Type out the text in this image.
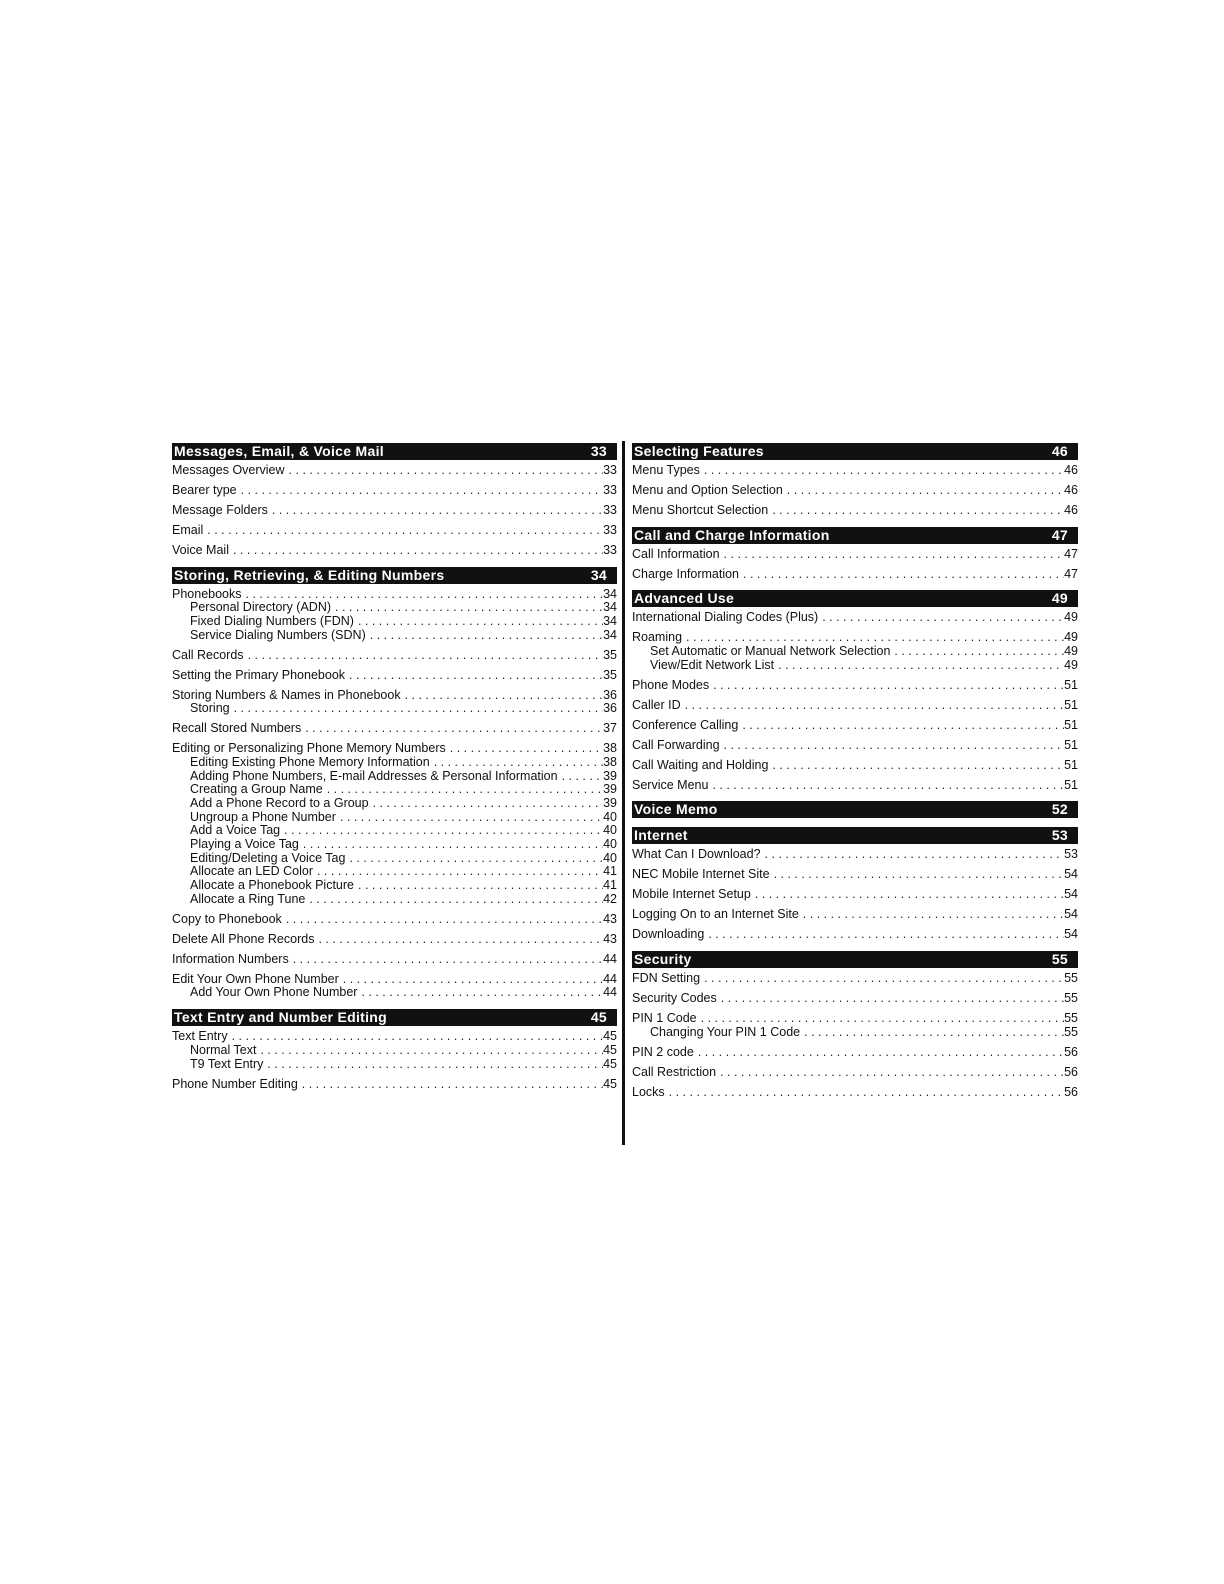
Messages, Email, & Voice Mail	33
Messages Overview . . .	33
Bearer type . . .	33
Message Folders . . .	33
Email . . .	33
Voice Mail . . .	33
Storing, Retrieving, & Editing Numbers	34
Phonebooks . . .	34
Personal Directory (ADN) . . .	34
Fixed Dialing Numbers (FDN) . . .	34
Service Dialing Numbers (SDN) . . .	34
Call Records . . .	35
Setting the Primary Phonebook . . .	35
Storing Numbers & Names in Phonebook . . .	36
Storing . . .	36
Recall Stored Numbers . . .	37
Editing or Personalizing Phone Memory Numbers . . .	38
Editing Existing Phone Memory Information . . .	38
Adding Phone Numbers, E-mail Addresses & Personal Information . . .	39
Creating a Group Name . . .	39
Add a Phone Record to a Group . . .	39
Ungroup a Phone Number . . .	40
Add a Voice Tag . . .	40
Playing a Voice Tag . . .	40
Editing/Deleting a Voice Tag . . .	40
Allocate an LED Color . . .	41
Allocate a Phonebook Picture . . .	41
Allocate a Ring Tune . . .	42
Copy to Phonebook . . .	43
Delete All Phone Records . . .	43
Information Numbers . . .	44
Edit Your Own Phone Number . . .	44
Add Your Own Phone Number . . .	44
Text Entry and Number Editing	45
Text Entry . . .	45
Normal Text . . .	45
T9 Text Entry . . .	45
Phone Number Editing . . .	45
Selecting Features	46
Menu Types . . .	46
Menu and Option Selection . . .	46
Menu Shortcut Selection . . .	46
Call and Charge Information	47
Call Information . . .	47
Charge Information . . .	47
Advanced Use	49
International Dialing Codes (Plus) . . .	49
Roaming . . .	49
Set Automatic or Manual Network Selection . . .	49
View/Edit Network List . . .	49
Phone Modes . . .	51
Caller ID . . .	51
Conference Calling . . .	51
Call Forwarding . . .	51
Call Waiting and Holding . . .	51
Service Menu . . .	51
Voice Memo	52
Internet	53
What Can I Download? . . .	53
NEC Mobile Internet Site . . .	54
Mobile Internet Setup . . .	54
Logging On to an Internet Site . . .	54
Downloading . . .	54
Security	55
FDN Setting . . .	55
Security Codes . . .	55
PIN 1 Code . . .	55
Changing Your PIN 1 Code . . .	55
PIN 2 code . . .	56
Call Restriction . . .	56
Locks . . .	56
